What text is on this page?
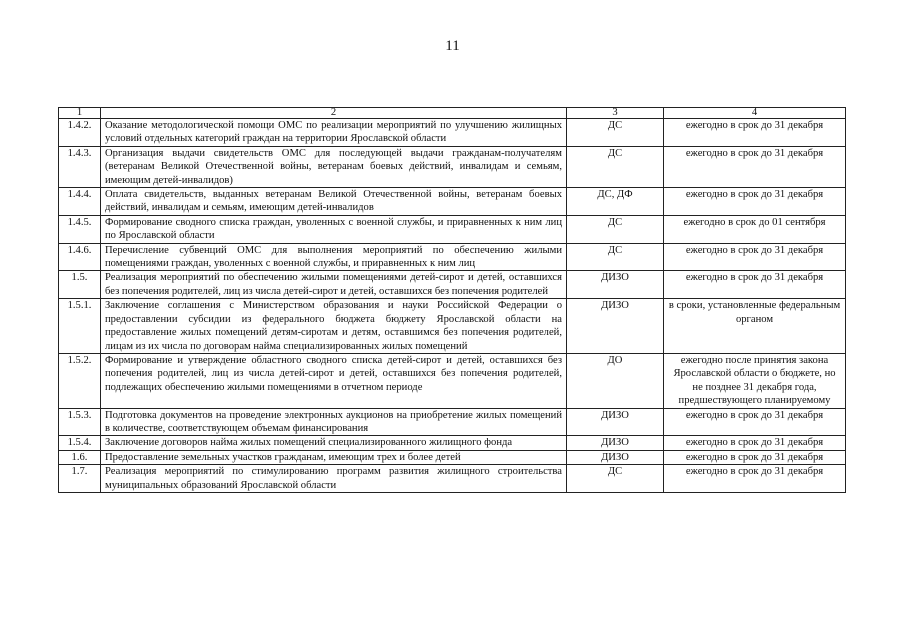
11
1	2	3	4
1.4.2.	Оказание методологической помощи ОМС по реализации мероприятий по улучшению жилищных условий отдельных категорий граждан на территории Ярославской области	ДС	ежегодно в срок до 31 декабря
1.4.3.	Организация выдачи свидетельств ОМС для последующей выдачи гражданам-получателям (ветеранам Великой Отечественной войны, ветеранам боевых действий, инвалидам и семьям, имеющим детей-инвалидов)	ДС	ежегодно в срок до 31 декабря
1.4.4.	Оплата свидетельств, выданных ветеранам Великой Отечественной войны, ветеранам боевых действий, инвалидам и семьям, имеющим детей-инвалидов	ДС, ДФ	ежегодно в срок до 31 декабря
1.4.5.	Формирование сводного списка граждан, уволенных с военной службы, и приравненных к ним лиц по Ярославской области	ДС	ежегодно в срок до 01 сентября
1.4.6.	Перечисление субвенций ОМС для выполнения мероприятий по обеспечению жилыми помещениями граждан, уволенных с военной службы, и приравненных к ним лиц	ДС	ежегодно в срок до 31 декабря
1.5.	Реализация мероприятий по обеспечению жилыми помещениями детей-сирот и детей, оставшихся без попечения родителей, лиц из числа детей-сирот и детей, оставшихся без попечения родителей	ДИЗО	ежегодно в срок до 31 декабря
1.5.1.	Заключение соглашения с Министерством образования и науки Российской Федерации о предоставлении субсидии из федерального бюджета бюджету Ярославской области на предоставление жилых помещений детям-сиротам и детям, оставшимся без попечения родителей, лицам из их числа по договорам найма специализированных жилых помещений	ДИЗО	в сроки, установленные федеральным органом
1.5.2.	Формирование и утверждение областного сводного списка детей-сирот и детей, оставшихся без попечения родителей, лиц из числа детей-сирот и детей, оставшихся без попечения родителей, подлежащих обеспечению жилыми помещениями в отчетном периоде	ДО	ежегодно после принятия закона Ярославской области о бюджете, но не позднее 31 декабря года, предшествующего планируемому
1.5.3.	Подготовка документов на проведение электронных аукционов на приобретение жилых помещений в количестве, соответствующем объемам финансирования	ДИЗО	ежегодно в срок до 31 декабря
1.5.4.	Заключение договоров найма жилых помещений специализированного жилищного фонда	ДИЗО	ежегодно в срок до 31 декабря
1.6.	Предоставление земельных участков гражданам, имеющим трех и более детей	ДИЗО	ежегодно в срок до 31 декабря
1.7.	Реализация мероприятий по стимулированию программ развития жилищного строительства муниципальных образований Ярославской области	ДС	ежегодно в срок до 31 декабря
